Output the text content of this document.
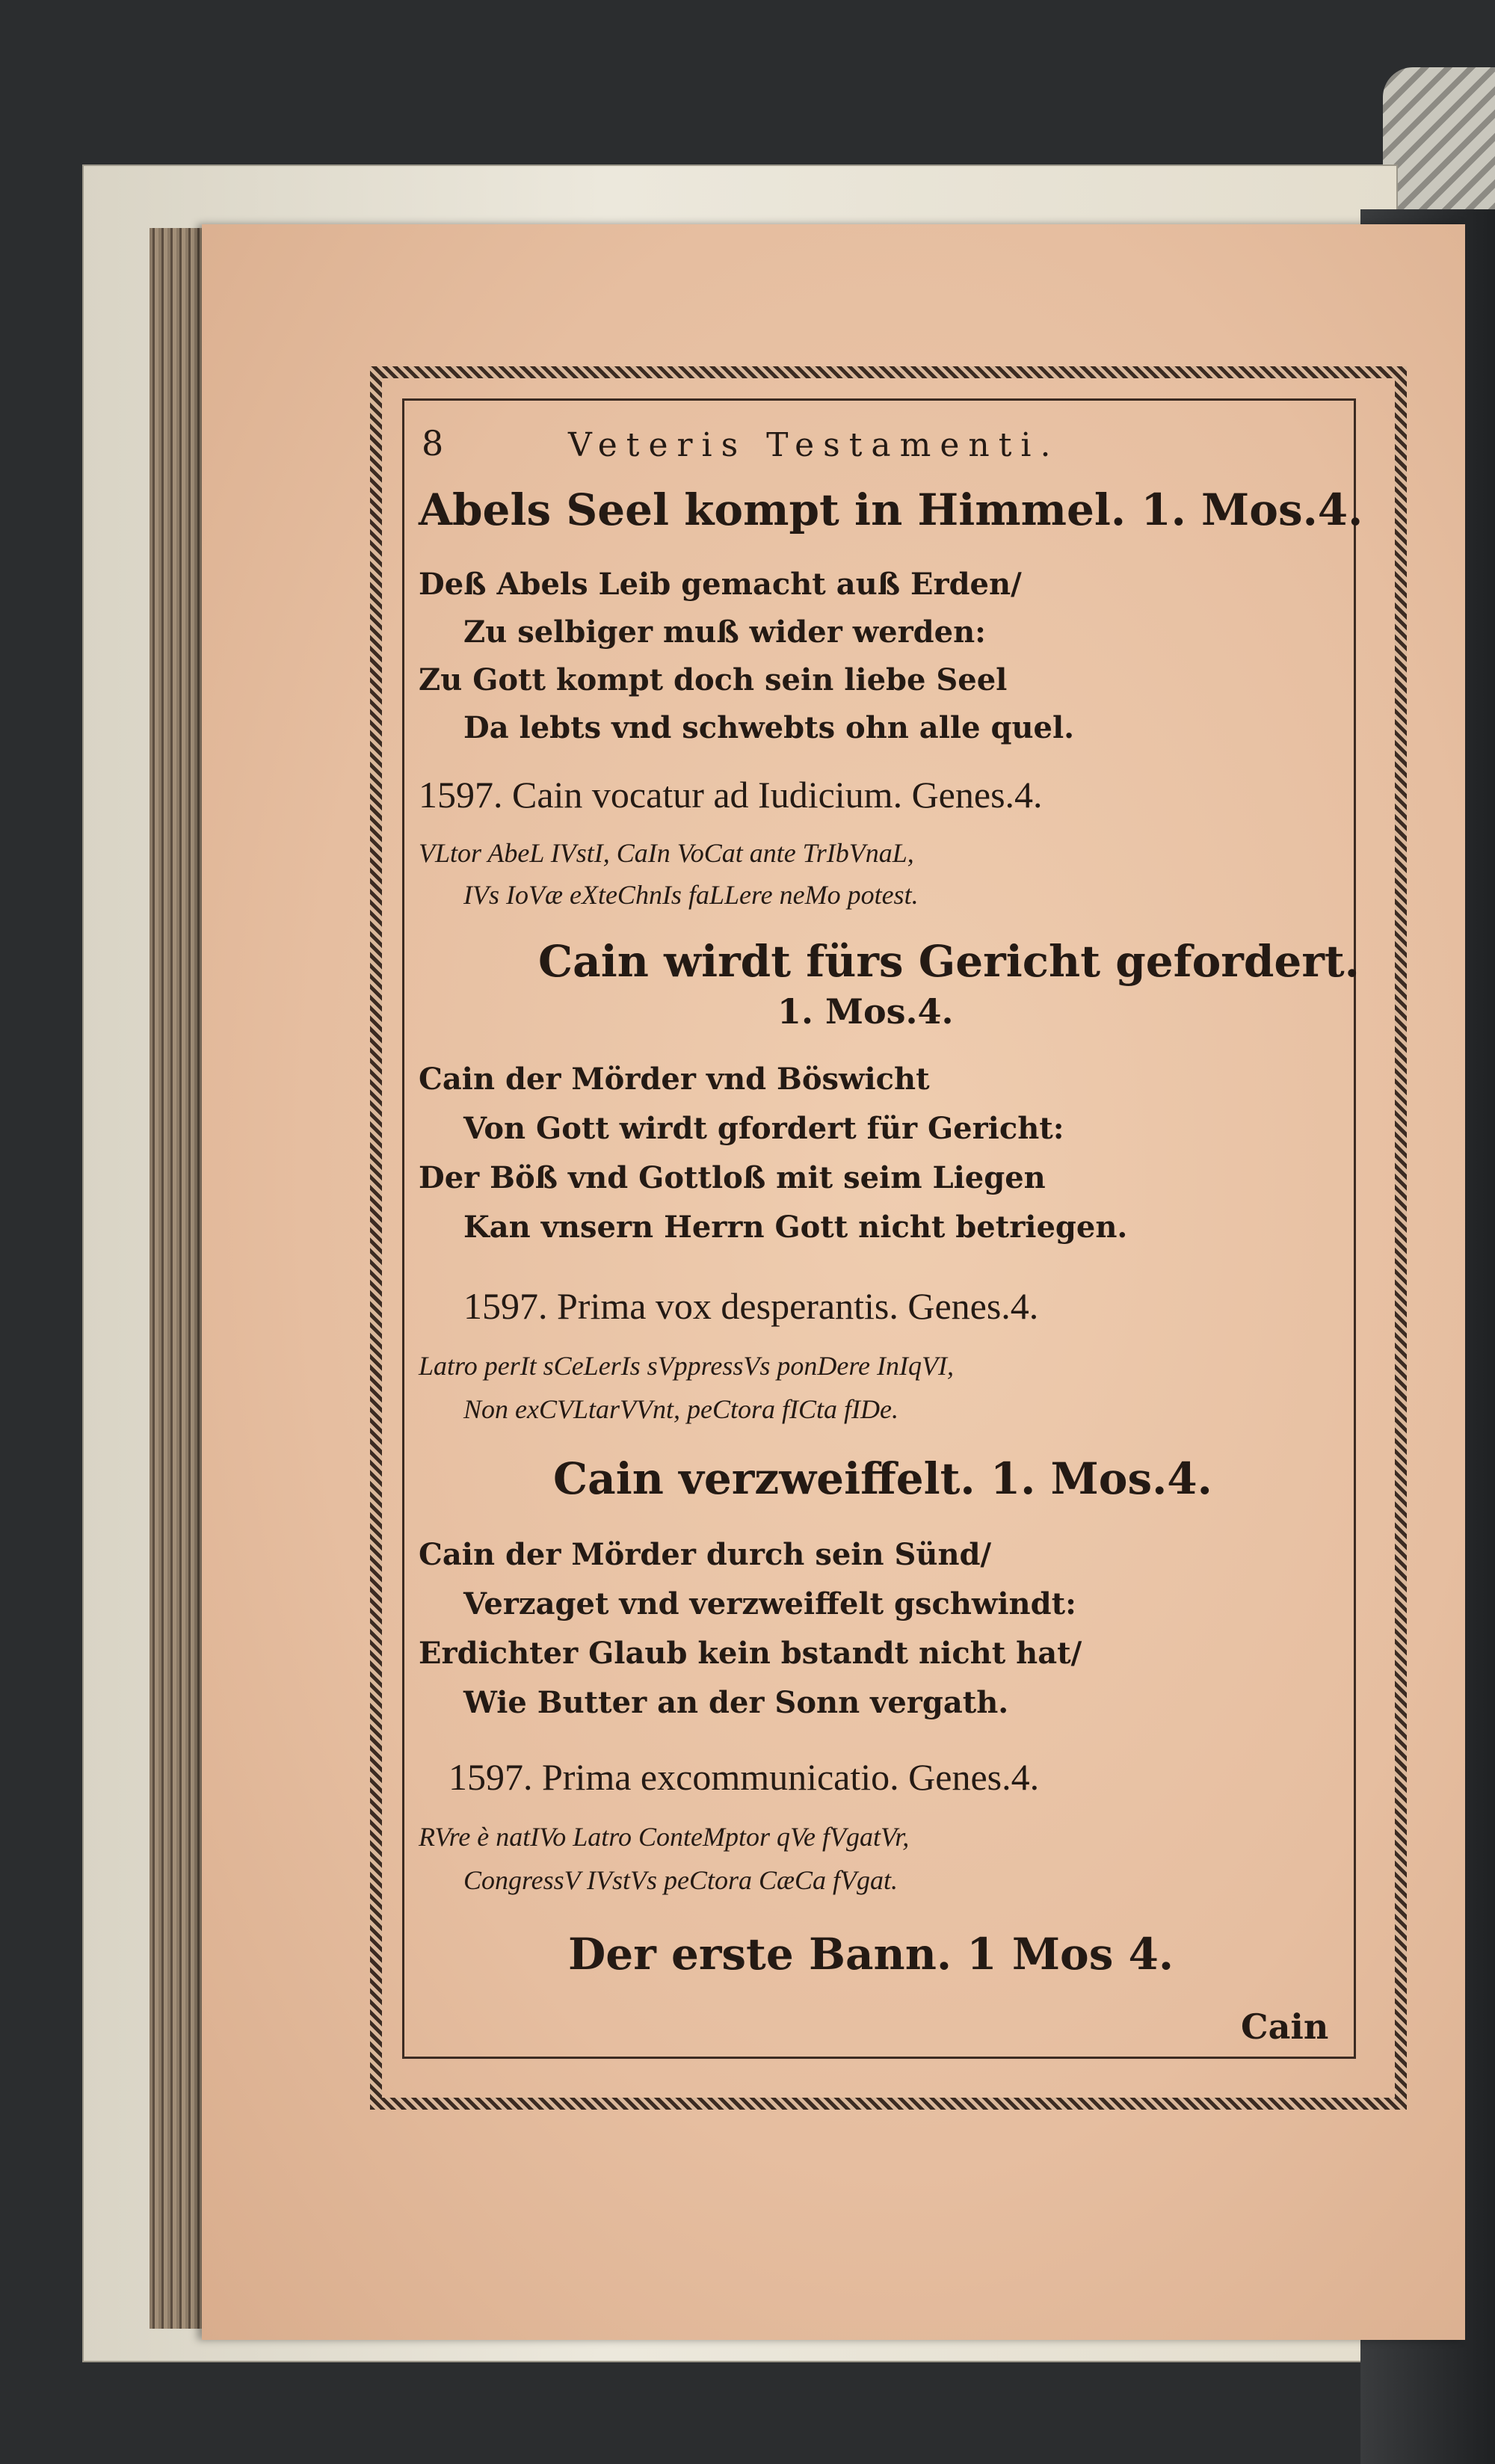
8	Veteris Testamenti.
Abels Seel kompt in Himmel. 1. Mos.4.
Deß Abels Leib gemacht auß Erden/
Zu selbiger muß wider werden:
Zu Gott kompt doch sein liebe Seel
Da lebts vnd schwebts ohn alle quel.
1597. Cain vocatur ad Iudicium. Genes.4.
VLtor AbeL IVstI, CaIn VoCat ante TrIbVnaL,
IVs IoVæ eXteChnIs faLLere neMo potest.
Cain wirdt fürs Gericht gefordert.
1. Mos.4.
Cain der Mörder vnd Böswicht
Von Gott wirdt gfordert für Gericht:
Der Böß vnd Gottloß mit seim Liegen
Kan vnsern Herrn Gott nicht betriegen.
1597. Prima vox desperantis. Genes.4.
Latro perIt sCeLerIs sVppressVs ponDere InIqVI,
Non exCVLtarVVnt, peCtora fICta fIDe.
Cain verzweiffelt. 1. Mos.4.
Cain der Mörder durch sein Sünd/
Verzaget vnd verzweiffelt gschwindt:
Erdichter Glaub kein bstandt nicht hat/
Wie Butter an der Sonn vergath.
1597. Prima excommunicatio. Genes.4.
RVre è natIVo Latro ConteMptor qVe fVgatVr,
CongressV IVstVs peCtora CæCa fVgat.
Der erste Bann. 1 Mos 4.
Cain
